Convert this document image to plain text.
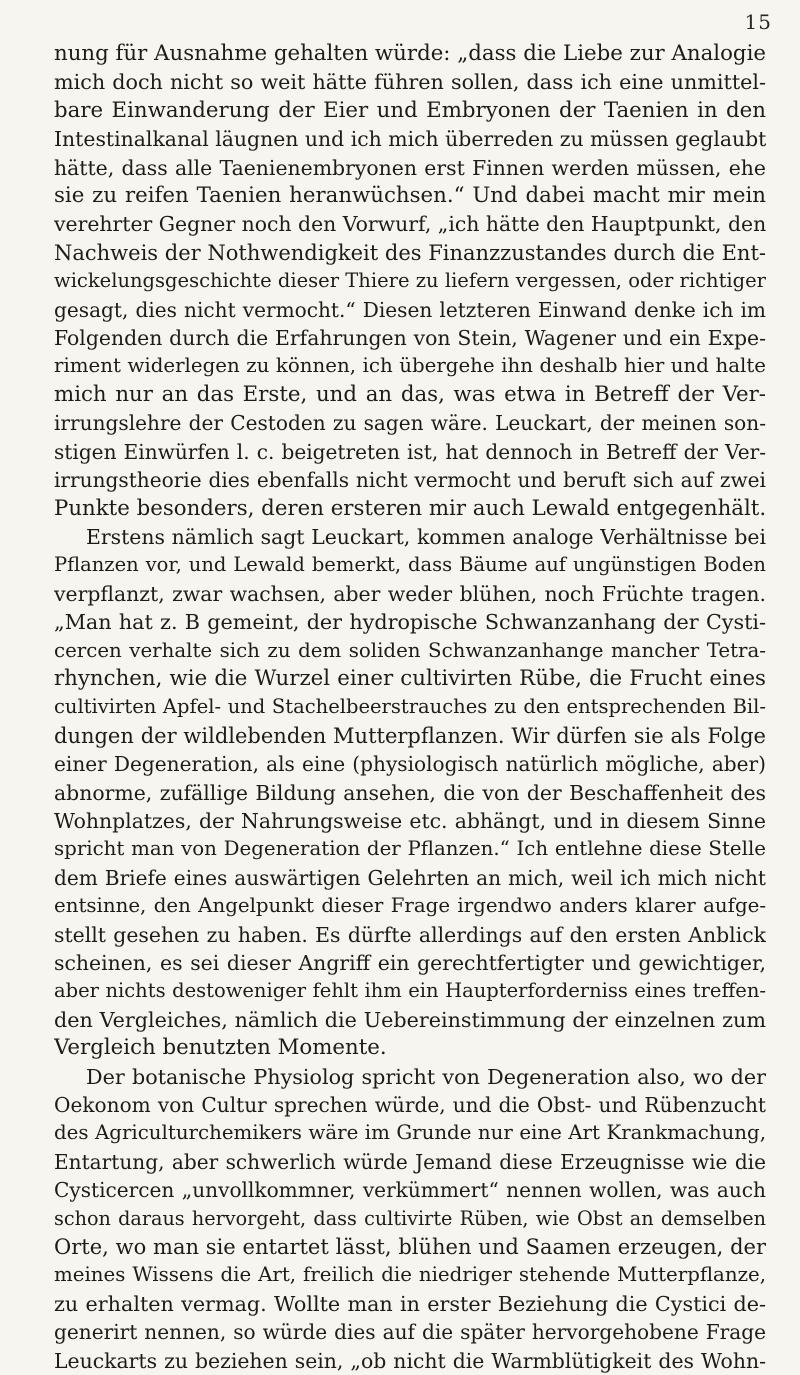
15
nung für Ausnahme gehalten würde: „dass die Liebe zur Analogie
mich doch nicht so weit hätte führen sollen, dass ich eine unmittel-
bare Einwanderung der Eier und Embryonen der Taenien in den
Intestinalkanal läugnen und ich mich überreden zu müssen geglaubt
hätte, dass alle Taenienembryonen erst Finnen werden müssen, ehe
sie zu reifen Taenien heranwüchsen.“ Und dabei macht mir mein
verehrter Gegner noch den Vorwurf, „ich hätte den Hauptpunkt, den
Nachweis der Nothwendigkeit des Finanzzustandes durch die Ent-
wickelungsgeschichte dieser Thiere zu liefern vergessen, oder richtiger
gesagt, dies nicht vermocht.“ Diesen letzteren Einwand denke ich im
Folgenden durch die Erfahrungen von Stein, Wagener und ein Expe-
riment widerlegen zu können, ich übergehe ihn deshalb hier und halte
mich nur an das Erste, und an das, was etwa in Betreff der Ver-
irrungslehre der Cestoden zu sagen wäre. Leuckart, der meinen son-
stigen Einwürfen l. c. beigetreten ist, hat dennoch in Betreff der Ver-
irrungstheorie dies ebenfalls nicht vermocht und beruft sich auf zwei
Punkte besonders, deren ersteren mir auch Lewald entgegenhält.
Erstens nämlich sagt Leuckart, kommen analoge Verhältnisse bei
Pflanzen vor, und Lewald bemerkt, dass Bäume auf ungünstigen Boden
verpflanzt, zwar wachsen, aber weder blühen, noch Früchte tragen.
„Man hat z. B gemeint, der hydropische Schwanzanhang der Cysti-
cercen verhalte sich zu dem soliden Schwanzanhange mancher Tetra-
rhynchen, wie die Wurzel einer cultivirten Rübe, die Frucht eines
cultivirten Apfel- und Stachelbeerstrauches zu den entsprechenden Bil-
dungen der wildlebenden Mutterpflanzen. Wir dürfen sie als Folge
einer Degeneration, als eine (physiologisch natürlich mögliche, aber)
abnorme, zufällige Bildung ansehen, die von der Beschaffenheit des
Wohnplatzes, der Nahrungsweise etc. abhängt, und in diesem Sinne
spricht man von Degeneration der Pflanzen.“ Ich entlehne diese Stelle
dem Briefe eines auswärtigen Gelehrten an mich, weil ich mich nicht
entsinne, den Angelpunkt dieser Frage irgendwo anders klarer aufge-
stellt gesehen zu haben. Es dürfte allerdings auf den ersten Anblick
scheinen, es sei dieser Angriff ein gerechtfertigter und gewichtiger,
aber nichts destoweniger fehlt ihm ein Haupterforderniss eines treffen-
den Vergleiches, nämlich die Uebereinstimmung der einzelnen zum
Vergleich benutzten Momente.
Der botanische Physiolog spricht von Degeneration also, wo der
Oekonom von Cultur sprechen würde, und die Obst- und Rübenzucht
des Agriculturchemikers wäre im Grunde nur eine Art Krankmachung,
Entartung, aber schwerlich würde Jemand diese Erzeugnisse wie die
Cysticercen „unvollkommner, verkümmert“ nennen wollen, was auch
schon daraus hervorgeht, dass cultivirte Rüben, wie Obst an demselben
Orte, wo man sie entartet lässt, blühen und Saamen erzeugen, der
meines Wissens die Art, freilich die niedriger stehende Mutterpflanze,
zu erhalten vermag. Wollte man in erster Beziehung die Cystici de-
generirt nennen, so würde dies auf die später hervorgehobene Frage
Leuckarts zu beziehen sein, „ob nicht die Warmblütigkeit des Wohn-
